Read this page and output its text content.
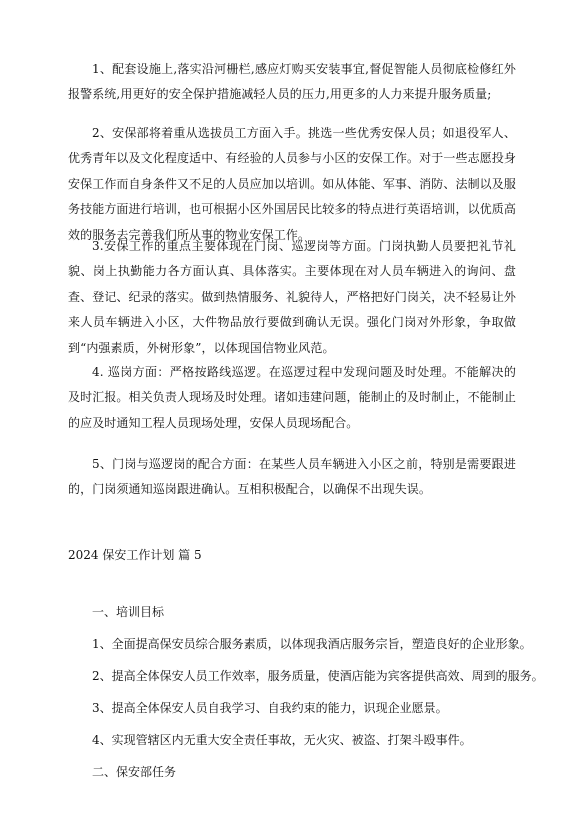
1、配套设施上,落实沿河栅栏,感应灯购买安装事宜,督促智能人员彻底检修红外报警系统,用更好的安全保护措施减轻人员的压力,用更多的人力来提升服务质量;

2、安保部将着重从选拔员工方面入手。挑选一些优秀安保人员；如退役军人、优秀青年以及文化程度适中、有经验的人员参与小区的安保工作。对于一些志愿投身安保工作而自身条件又不足的人员应加以培训。如从体能、军事、消防、法制以及服务技能方面进行培训，也可根据小区外国居民比较多的特点进行英语培训，以优质高效的服务去完善我们所从事的物业安保工作。

3.安保工作的重点主要体现在门岗、巡逻岗等方面。门岗执勤人员要把礼节礼貌、岗上执勤能力各方面认真、具体落实。主要体现在对人员车辆进入的询问、盘查、登记、纪录的落实。做到热情服务、礼貌待人，严格把好门岗关，决不轻易让外来人员车辆进入小区，大件物品放行要做到确认无误。强化门岗对外形象，争取做到“内强素质，外树形象”，以体现国信物业风范。

4. 巡岗方面：严格按路线巡逻。在巡逻过程中发现问题及时处理。不能解决的及时汇报。相关负责人现场及时处理。诸如违建问题，能制止的及时制止，不能制止的应及时通知工程人员现场处理，安保人员现场配合。

5、门岗与巡逻岗的配合方面：在某些人员车辆进入小区之前，特别是需要跟进的，门岗须通知巡岗跟进确认。互相积极配合，以确保不出现失误。

2024 保安工作计划 篇 5
一、培训目标
1、全面提高保安员综合服务素质，以体现我酒店服务宗旨，塑造良好的企业形象。
2、提高全体保安人员工作效率，服务质量，使酒店能为宾客提供高效、周到的服务。
3、提高全体保安人员自我学习、自我约束的能力，识现企业愿景。
4、实现管辖区内无重大安全责任事故，无火灾、被盗、打架斗殴事件。
二、保安部任务
